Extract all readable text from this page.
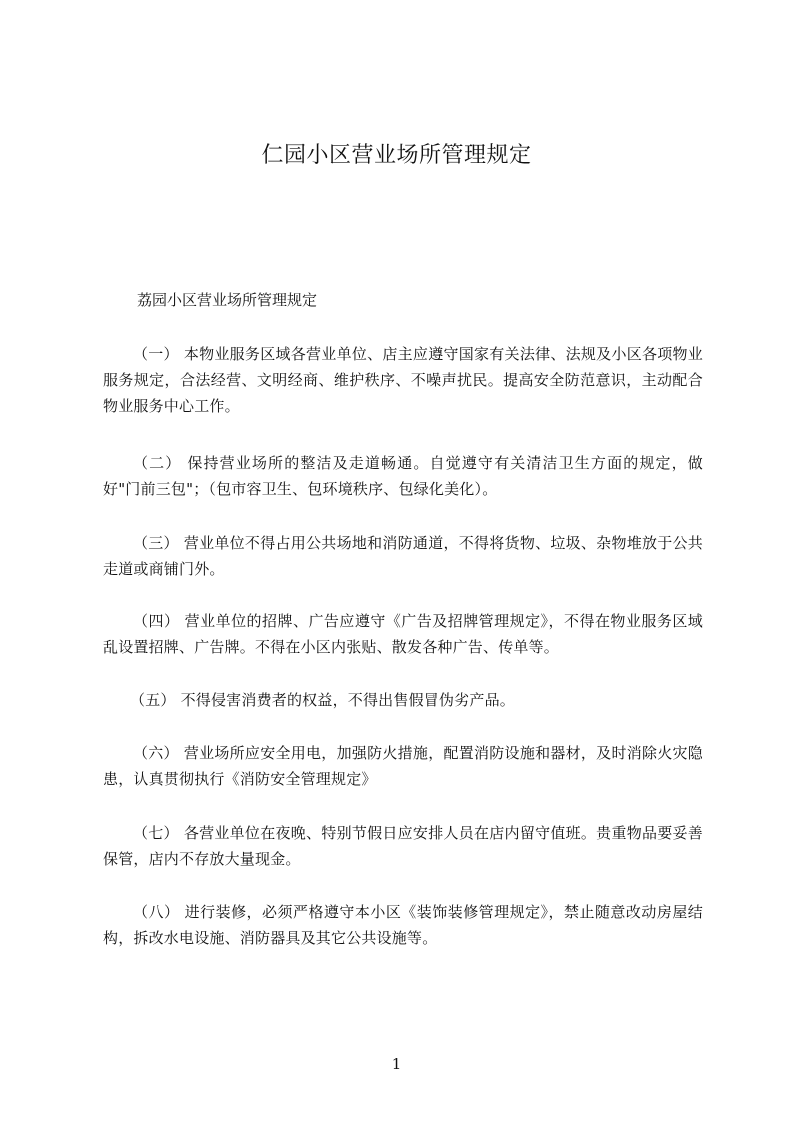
仁园小区营业场所管理规定

荔园小区营业场所管理规定

（一） 本物业服务区域各营业单位、店主应遵守国家有关法律、法规及小区各项物业服务规定，合法经营、文明经商、维护秩序、不噪声扰民。提高安全防范意识，主动配合物业服务中心工作。

（二） 保持营业场所的整洁及走道畅通。自觉遵守有关清洁卫生方面的规定，做好"门前三包"；（包市容卫生、包环境秩序、包绿化美化）。

（三） 营业单位不得占用公共场地和消防通道，不得将货物、垃圾、杂物堆放于公共走道或商铺门外。

（四） 营业单位的招牌、广告应遵守《广告及招牌管理规定》，不得在物业服务区域乱设置招牌、广告牌。不得在小区内张贴、散发各种广告、传单等。

（五） 不得侵害消费者的权益，不得出售假冒伪劣产品。

（六） 营业场所应安全用电，加强防火措施，配置消防设施和器材，及时消除火灾隐患，认真贯彻执行《消防安全管理规定》

（七） 各营业单位在夜晚、特别节假日应安排人员在店内留守值班。贵重物品要妥善保管，店内不存放大量现金。

（八） 进行装修，必须严格遵守本小区《装饰装修管理规定》，禁止随意改动房屋结构，拆改水电设施、消防器具及其它公共设施等。

1
